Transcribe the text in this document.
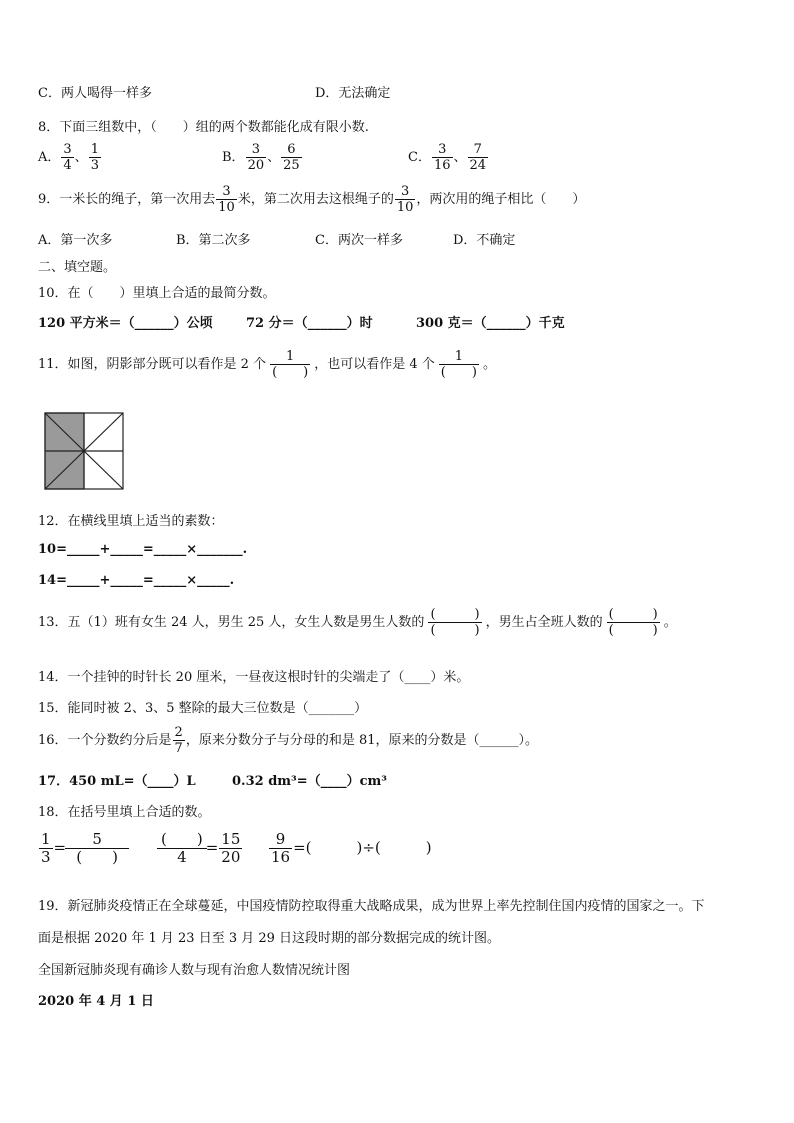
C．两人喝得一样多	D．无法确定
8．下面三组数中，（　　）组的两个数都能化成有限小数.
A． $\frac{3}{4}$ 、 $\frac{1}{3}$	B． $\frac{3}{20}$ 、 $\frac{6}{25}$	C． $\frac{3}{16}$ 、 $\frac{7}{24}$
9．一米长的绳子，第一次用去 $\frac{3}{10}$ 米，第二次用去这根绳子的 $\frac{3}{10}$ ，两次用的绳子相比（　　）
A．第一次多	B．第二次多	C．两次一样多	D．不确定
二、填空题。
10．在（　　）里填上合适的最简分数。
120 平方米＝（______）公顷	72 分＝（______）时	300 克＝（______）千克
11．如图，阴影部分既可以看作是 2 个 $\frac{1}{( )}$ ，也可以看作是 4 个 $\frac{1}{( )}$ 。
12．在横线里填上适当的素数：
10=_____+_____=_____×_______.
14=_____+_____=_____×_____.
13．五（1）班有女生 24 人，男生 25 人，女生人数是男生人数的 $\frac{( )}{( )}$ ，男生占全班人数的 $\frac{( )}{( )}$ 。
14．一个挂钟的时针长 20 厘米，一昼夜这根时针的尖端走了（____）米。
15．能同时被 2、3、5 整除的最大三位数是（_______）
16．一个分数约分后是 $\frac{2}{7}$ ，原来分数分子与分母的和是 81，原来的分数是（______）。
17．450 mL=（____）L	0.32 dm³=（____）cm³
18．在括号里填上合适的数。
$\frac{1}{3} = \frac{5}{( )} \frac{( )}{4} = \frac{15}{20} \frac{9}{16}$ =(　　　)÷(　　　)
19．新冠肺炎疫情正在全球蔓延，中国疫情防控取得重大战略成果，成为世界上率先控制住国内疫情的国家之一。下
面是根据 2020 年 1 月 23 日至 3 月 29 日这段时期的部分数据完成的统计图。
全国新冠肺炎现有确诊人数与现有治愈人数情况统计图
2020 年 4 月 1 日
